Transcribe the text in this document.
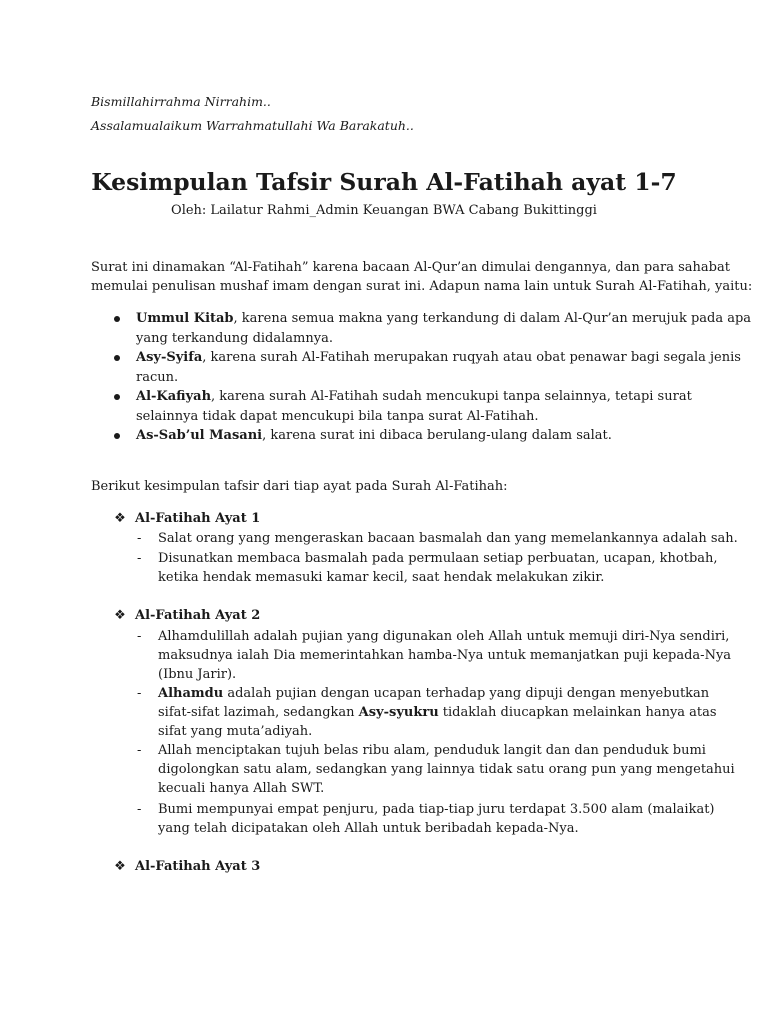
Bismillahirrahma Nirrahim..
Assalamualaikum Warrahmatullahi Wa Barakatuh..
Kesimpulan Tafsir Surah Al-Fatihah ayat 1-7
Oleh: Lailatur Rahmi_Admin Keuangan BWA Cabang Bukittinggi
Surat ini dinamakan “Al-Fatihah” karena bacaan Al-Qur’an dimulai dengannya, dan para sahabat
memulai penulisan mushaf imam dengan surat ini. Adapun nama lain untuk Surah Al-Fatihah, yaitu:
Ummul Kitab, karena semua makna yang terkandung di dalam Al-Qur’an merujuk pada apa
yang terkandung didalamnya.
Asy-Syifa, karena surah Al-Fatihah merupakan ruqyah atau obat penawar bagi segala jenis
racun.
Al-Kafiyah, karena surah Al-Fatihah sudah mencukupi tanpa selainnya, tetapi surat
selainnya tidak dapat mencukupi bila tanpa surat Al-Fatihah.
As-Sab’ul Masani, karena surat ini dibaca berulang-ulang dalam salat.
Berikut kesimpulan tafsir dari tiap ayat pada Surah Al-Fatihah:
❖ Al-Fatihah Ayat 1
- Salat orang yang mengeraskan bacaan basmalah dan yang memelankannya adalah sah.
- Disunatkan membaca basmalah pada permulaan setiap perbuatan, ucapan, khotbah,
ketika hendak memasuki kamar kecil, saat hendak melakukan zikir.
❖ Al-Fatihah Ayat 2
- Alhamdulillah adalah pujian yang digunakan oleh Allah untuk memuji diri-Nya sendiri,
maksudnya ialah Dia memerintahkan hamba-Nya untuk memanjatkan puji kepada-Nya
(Ibnu Jarir).
- Alhamdu adalah pujian dengan ucapan terhadap yang dipuji dengan menyebutkan
sifat-sifat lazimah, sedangkan Asy-syukru tidaklah diucapkan melainkan hanya atas
sifat yang muta’adiyah.
- Allah menciptakan tujuh belas ribu alam, penduduk langit dan dan penduduk bumi
digolongkan satu alam, sedangkan yang lainnya tidak satu orang pun yang mengetahui
kecuali hanya Allah SWT.
- Bumi mempunyai empat penjuru, pada tiap-tiap juru terdapat 3.500 alam (malaikat)
yang telah dicipatakan oleh Allah untuk beribadah kepada-Nya.
❖ Al-Fatihah Ayat 3
